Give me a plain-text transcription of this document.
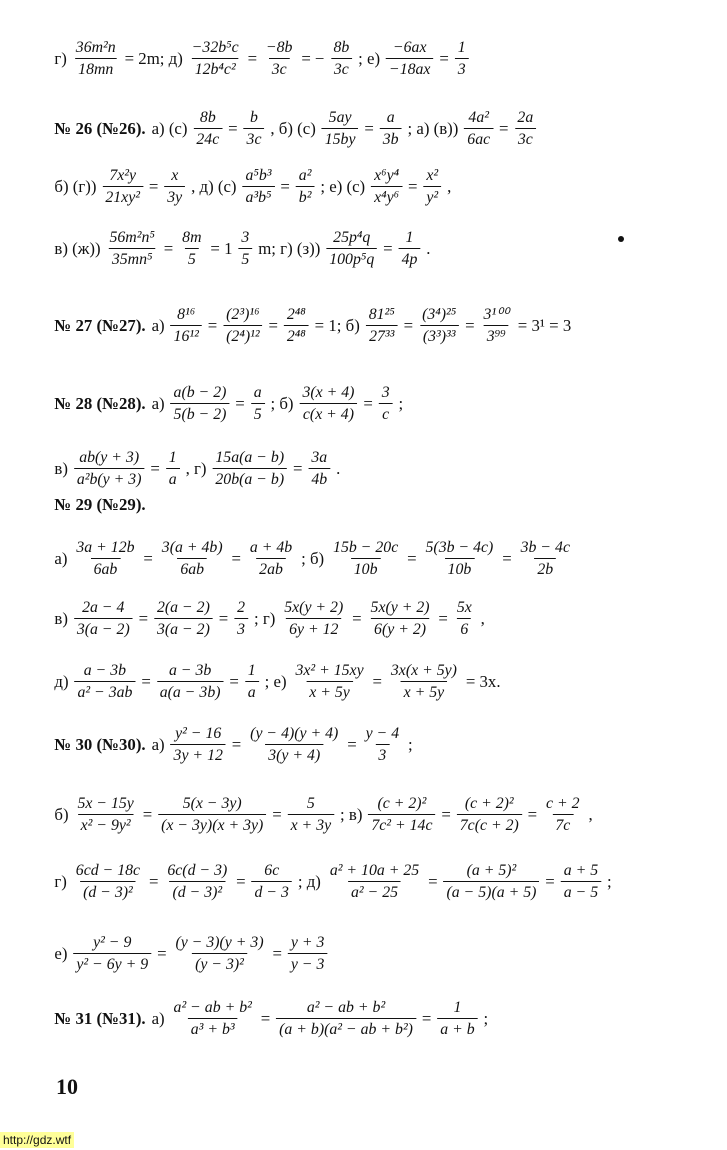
$г) \frac{\text{36m²n}}{18mn} = 2m$; $д) \frac{\text{−32b⁵c}}{\text{12b⁴c²}} = \frac{-8b}{3c}$ = − $\frac{8b}{3c}$ ; $е) \frac{-6ax}{-18ax} = \frac{1}{3}$
№ 26 (№26). а) $(с) \frac{8b}{24c} = \frac{b}{3c}$ , б) $(с) \frac{5ay}{15by} = \frac{a}{3b}$ ; а) $(в)) \frac{\text{4a²}}{6ac} = \frac{2a}{3c}$
б) $(г)) \frac{\text{7x²y}}{\text{21xy²}} = \frac{x}{3y}$ , д) $(с) \frac{\text{a⁵b³}}{\text{a³b⁵}} = \frac{\text{a²}}{\text{b²}}$ ; е) $(с) \frac{\text{x⁶y⁴}}{\text{x⁴y⁶}} = \frac{\text{x²}}{\text{y²}}$ ,
в) $(ж)) \frac{\text{56m²n⁵}}{\text{35mn⁵}} = \frac{8m}{5} = 1 \frac{3}{5} m$; г) $(з)) \frac{\text{25p⁴q}}{\text{100p⁵q}} = \frac{1}{4p}$ .
№ 27 (№27). $а) \frac{\text{8¹⁶}}{\text{16¹²}} = \frac{\text{(2³)¹⁶}}{\text{(2⁴)¹²}} = \frac{\text{2⁴⁸}}{\text{2⁴⁸}} = 1$; $б) \frac{\text{81²⁵}}{\text{27³³}} = \frac{\text{(3⁴)²⁵}}{\text{(3³)³³}} = \frac{\text{3¹⁰⁰}}{\text{3⁹⁹}} = 3^1 = 3$
№ 28 (№28). $а) \frac{a(b - 2)}{5(b - 2)} = \frac{a}{5}$ ; $б) \frac{3(x + 4)}{c(x + 4)} = \frac{3}{c}$ ;
$в) \frac{ab(y + 3)}{\text{a²b(y + 3)}} = \frac{1}{a}$ , $г) \frac{15a(a - b)}{20b(a - b)} = \frac{3a}{4b}$ .
№ 29 (№29).
$а) \frac{3a + 12b}{6ab} = \frac{3(a + 4b)}{6ab} = \frac{a + 4b}{2ab}$ ; $б) \frac{15b - 20c}{10b} = \frac{5(3b - 4c)}{10b} = \frac{3b - 4c}{2b}$
$в) \frac{2a - 4}{3(a - 2)} = \frac{2(a - 2)}{3(a - 2)} = \frac{2}{3}$ ; $г) \frac{5x(y + 2)}{6y + 12} = \frac{5x(y + 2)}{6(y + 2)} = \frac{5x}{6}$ ,
$д) \frac{a - 3b}{\text{a² − 3ab}} = \frac{a - 3b}{a(a - 3b)} = \frac{1}{a}$ ; $е) \frac{\text{3x² + 15xy}}{x + 5y} = \frac{3x(x + 5y)}{x + 5y} = 3x$.
№ 30 (№30). $а) \frac{\text{y² − 16}}{3y + 12} = \frac{(y - 4)(y + 4)}{3(y + 4)} = \frac{y - 4}{3}$ ;
$б) \frac{5x - 15y}{\text{x² − 9y²}} = \frac{5(x - 3y)}{(x - 3y)(x + 3y)} = \frac{5}{x + 3y}$ ; $в) \frac{\text{(c + 2)²}}{\text{7c² + 14c}} = \frac{\text{(c + 2)²}}{7c(c + 2)} = \frac{c + 2}{7c}$ ,
$г) \frac{6cd - 18c}{\text{(d − 3)²}} = \frac{6c(d - 3)}{\text{(d − 3)²}} = \frac{6c}{d - 3}$ ; $д) \frac{\text{a² + 10a + 25}}{\text{a² − 25}} = \frac{\text{(a + 5)²}}{(a - 5)(a + 5)} = \frac{a + 5}{a - 5}$ ;
$е) \frac{\text{y² − 9}}{\text{y² − 6y + 9}} = \frac{(y - 3)(y + 3)}{\text{(y − 3)²}} = \frac{y + 3}{y - 3}$
№ 31 (№31). $а) \frac{\text{a² − ab + b²}}{\text{a³ + b³}} = \frac{\text{a² − ab + b²}}{\text{(a + b)(a² − ab + b²)}} = \frac{1}{a + b}$ ;
10
http://gdz.wtf
